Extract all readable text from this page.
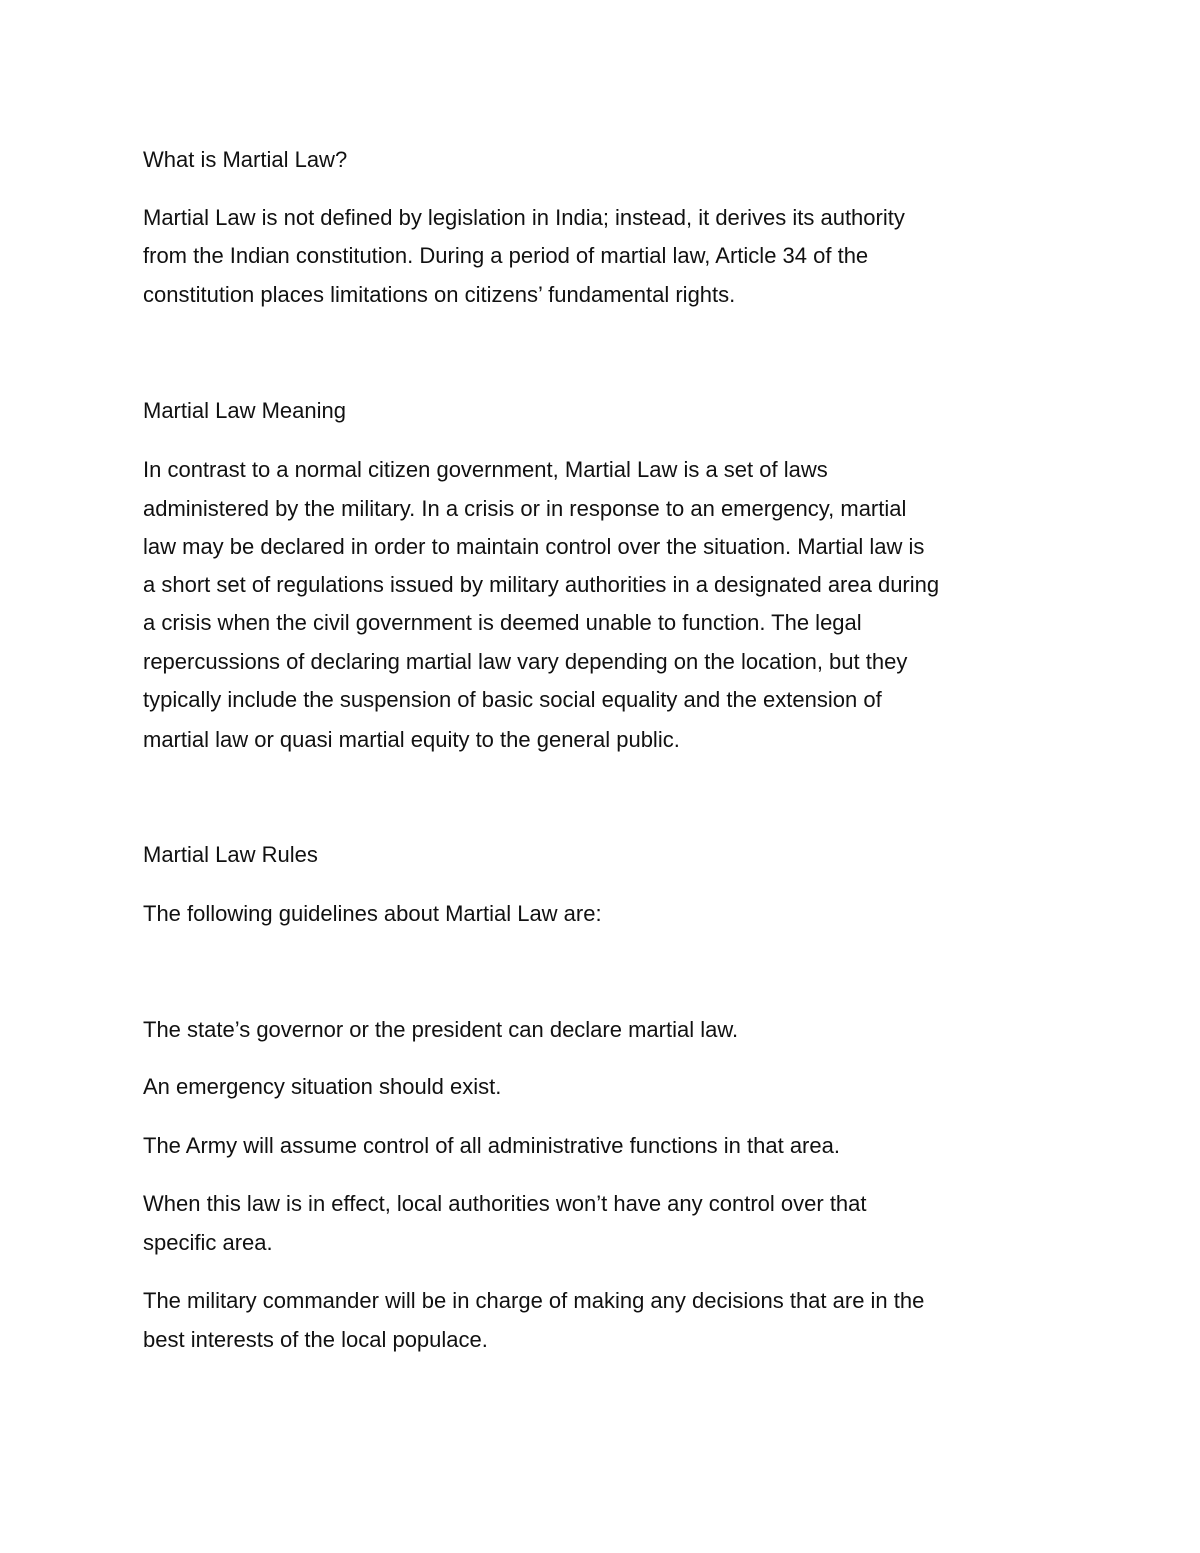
What is Martial Law?

Martial Law is not defined by legislation in India; instead, it derives its authority

from the Indian constitution. During a period of martial law, Article 34 of the

constitution places limitations on citizens’ fundamental rights.

Martial Law Meaning

In contrast to a normal citizen government, Martial Law is a set of laws

administered by the military. In a crisis or in response to an emergency, martial

law may be declared in order to maintain control over the situation. Martial law is

a short set of regulations issued by military authorities in a designated area during

a crisis when the civil government is deemed unable to function. The legal

repercussions of declaring martial law vary depending on the location, but they

typically include the suspension of basic social equality and the extension of

martial law or quasi martial equity to the general public.

Martial Law Rules

The following guidelines about Martial Law are:

The state’s governor or the president can declare martial law.

An emergency situation should exist.

The Army will assume control of all administrative functions in that area.

When this law is in effect, local authorities won’t have any control over that

specific area.

The military commander will be in charge of making any decisions that are in the

best interests of the local populace.
